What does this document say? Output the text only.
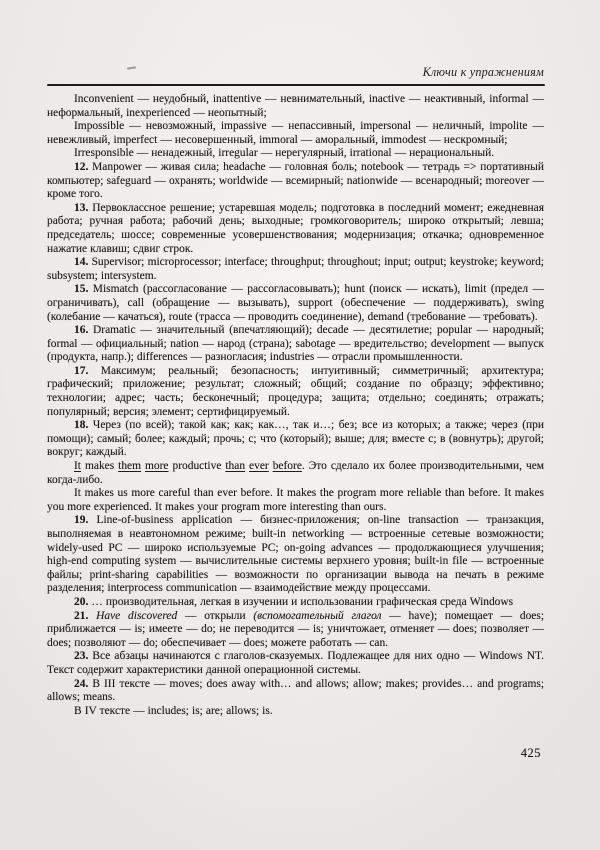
Ключи к упражнениям

Inconvenient — неудобный, inattentive — невнимательный, inactive — неактивный, informal — неформальный, inexperienced — неопытный;

Impossible — невозможный, impassive — непассивный, impersonal — неличный, impolite — невежливый, imperfect — несовершенный, immoral — аморальный, immodest — нескромный;

Irresponsible — ненадежный, irregular — нерегулярный, irrational — нерациональный.

12. Manpower — живая сила; headache — головная боль; notebook — тетрадь => портативный компьютер; safeguard — охранять; worldwide — всемирный; nationwide — всенародный; moreover — кроме того.

13. Первоклассное решение; устаревшая модель; подготовка в последний момент; ежедневная работа; ручная работа; рабочий день; выходные; громкоговоритель; широко открытый; левша; председатель; шоссе; современные усовершенствования; модернизация; откачка; одновременное нажатие клавиш; сдвиг строк.

14. Supervisor; microprocessor; interface; throughput; throughout; input; output; keystroke; keyword; subsystem; intersystem.

15. Mismatch (рассогласование — рассогласовывать); hunt (поиск — искать), limit (предел — ограничивать), call (обращение — вызывать), support (обеспечение — поддерживать), swing (колебание — качаться), route (трасса — проводить соединение), demand (требование — требовать).

16. Dramatic — значительный (впечатляющий); decade — десятилетие; popular — народный; formal — официальный; nation — народ (страна); sabotage — вредительство; development — выпуск (продукта, напр.); differences — разногласия; industries — отрасли промышленности.

17. Максимум; реальный; безопасность; интуитивный; симметричный; архитектура; графический; приложение; результат; сложный; общий; создание по образцу; эффективно; технологии; адрес; часть; бесконечный; процедура; защита; отдельно; соединять; отражать; популярный; версия; элемент; сертифицируемый.

18. Через (по всей); такой как; как; как…, так и…; без; все из которых; а также; через (при помощи); самый; более; каждый; прочь; с; что (который); выше; для; вместе с; в (вовнутрь); другой; вокруг; каждый.

It makes them more productive than ever before. Это сделало их более производительными, чем когда-либо.

It makes us more careful than ever before. It makes the program more reliable than before. It makes you more experienced. It makes your program more interesting than ours.

19. Line-of-business application — бизнес-приложения; on-line transaction — транзакция, выполняемая в неавтономном режиме; built-in networking — встроенные сетевые возможности; widely-used PC — широко используемые PC; on-going advances — продолжающиеся улучшения; high-end computing system — вычислительные системы верхнего уровня; built-in file — встроенные файлы; print-sharing capabilities — возможности по организации вывода на печать в режиме разделения; interprocess communication — взаимодействие между процессами.

20. … производительная, легкая в изучении и использовании графическая среда Windows

21. Have discovered — открыли (вспомогательный глагол — have); помещает — does; приближается — is; имеете — do; не переводится — is; уничтожает, отменяет — does; позволяет — does; позволяют — do; обеспечивает — does; можете работать — can.

23. Все абзацы начинаются с глаголов-сказуемых. Подлежащее для них одно — Windows NT. Текст содержит характеристики данной операционной системы.

24. В III тексте — moves; does away with… and allows; allow; makes; provides… and programs; allows; means.

В IV тексте — includes; is; are; allows; is.

425
